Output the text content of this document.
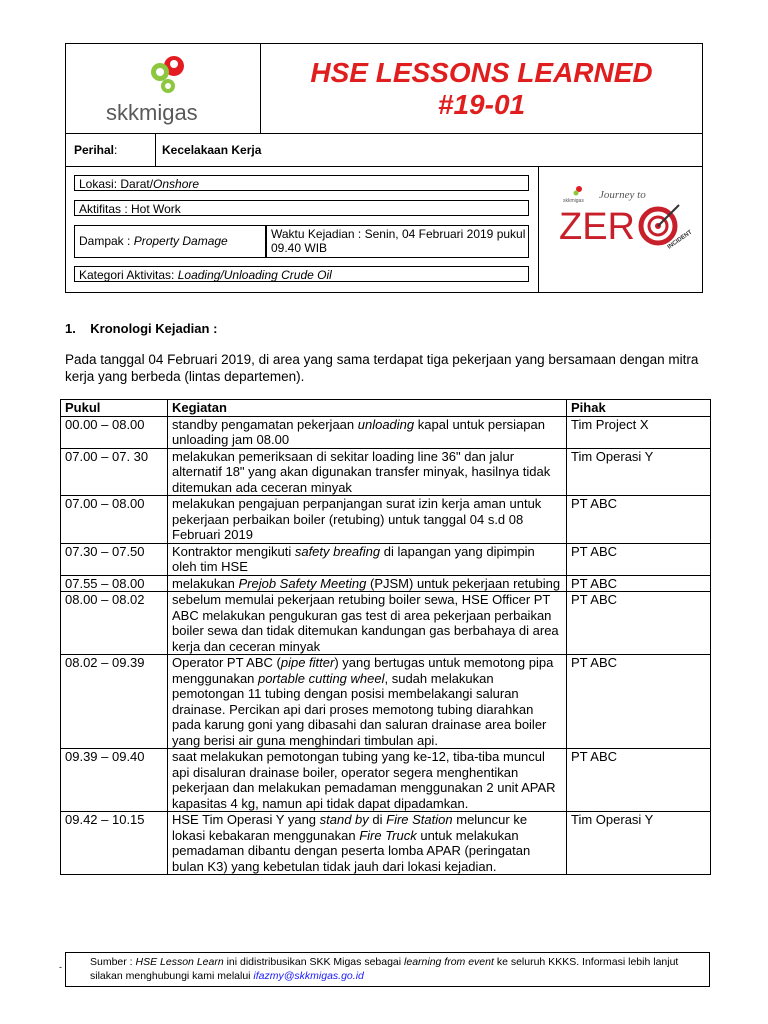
skkmigas
HSE LESSONS LEARNED
#19-01
Perihal:	Kecelakaan Kerja
Lokasi: Darat/Onshore
Aktifitas : Hot Work
Dampak : Property Damage	Waktu Kejadian : Senin, 04 Februari 2019 pukul 09.40 WIB
Kategori Aktivitas: Loading/Unloading Crude Oil
skkmigas Journey to
ZER	INCIDENT
1. Kronologi Kejadian :
Pada tanggal 04 Februari 2019, di area yang sama terdapat tiga pekerjaan yang bersamaan dengan mitra kerja yang berbeda (lintas departemen).
Pukul	Kegiatan	Pihak
00.00 – 08.00	standby pengamatan pekerjaan unloading kapal untuk persiapan unloading jam 08.00	Tim Project X
07.00 – 07. 30	melakukan pemeriksaan di sekitar loading line 36" dan jalur alternatif 18" yang akan digunakan transfer minyak, hasilnya tidak ditemukan ada ceceran minyak	Tim Operasi Y
07.00 – 08.00	melakukan pengajuan perpanjangan surat izin kerja aman untuk pekerjaan perbaikan boiler (retubing) untuk tanggal 04 s.d 08 Februari 2019	PT ABC
07.30 – 07.50	Kontraktor mengikuti safety breafing di lapangan yang dipimpin oleh tim HSE	PT ABC
07.55 – 08.00	melakukan Prejob Safety Meeting (PJSM) untuk pekerjaan retubing	PT ABC
08.00 – 08.02	sebelum memulai pekerjaan retubing boiler sewa, HSE Officer PT ABC melakukan pengukuran gas test di area pekerjaan perbaikan boiler sewa dan tidak ditemukan kandungan gas berbahaya di area kerja dan ceceran minyak	PT ABC
08.02 – 09.39	Operator PT ABC (pipe fitter) yang bertugas untuk memotong pipa menggunakan portable cutting wheel, sudah melakukan pemotongan 11 tubing dengan posisi membelakangi saluran drainase. Percikan api dari proses memotong tubing diarahkan pada karung goni yang dibasahi dan saluran drainase area boiler yang berisi air guna menghindari timbulan api.	PT ABC
09.39 – 09.40	saat melakukan pemotongan tubing yang ke-12, tiba-tiba muncul api disaluran drainase boiler, operator segera menghentikan pekerjaan dan melakukan pemadaman menggunakan 2 unit APAR kapasitas 4 kg, namun api tidak dapat dipadamkan.	PT ABC
09.42 – 10.15	HSE Tim Operasi Y yang stand by di Fire Station meluncur ke lokasi kebakaran menggunakan Fire Truck untuk melakukan pemadaman dibantu dengan peserta lomba APAR (peringatan bulan K3) yang kebetulan tidak jauh dari lokasi kejadian.	Tim Operasi Y
-	Sumber : HSE Lesson Learn ini didistribusikan SKK Migas sebagai learning from event ke seluruh KKKS. Informasi lebih lanjut silakan menghubungi kami melalui ifazmy@skkmigas.go.id
